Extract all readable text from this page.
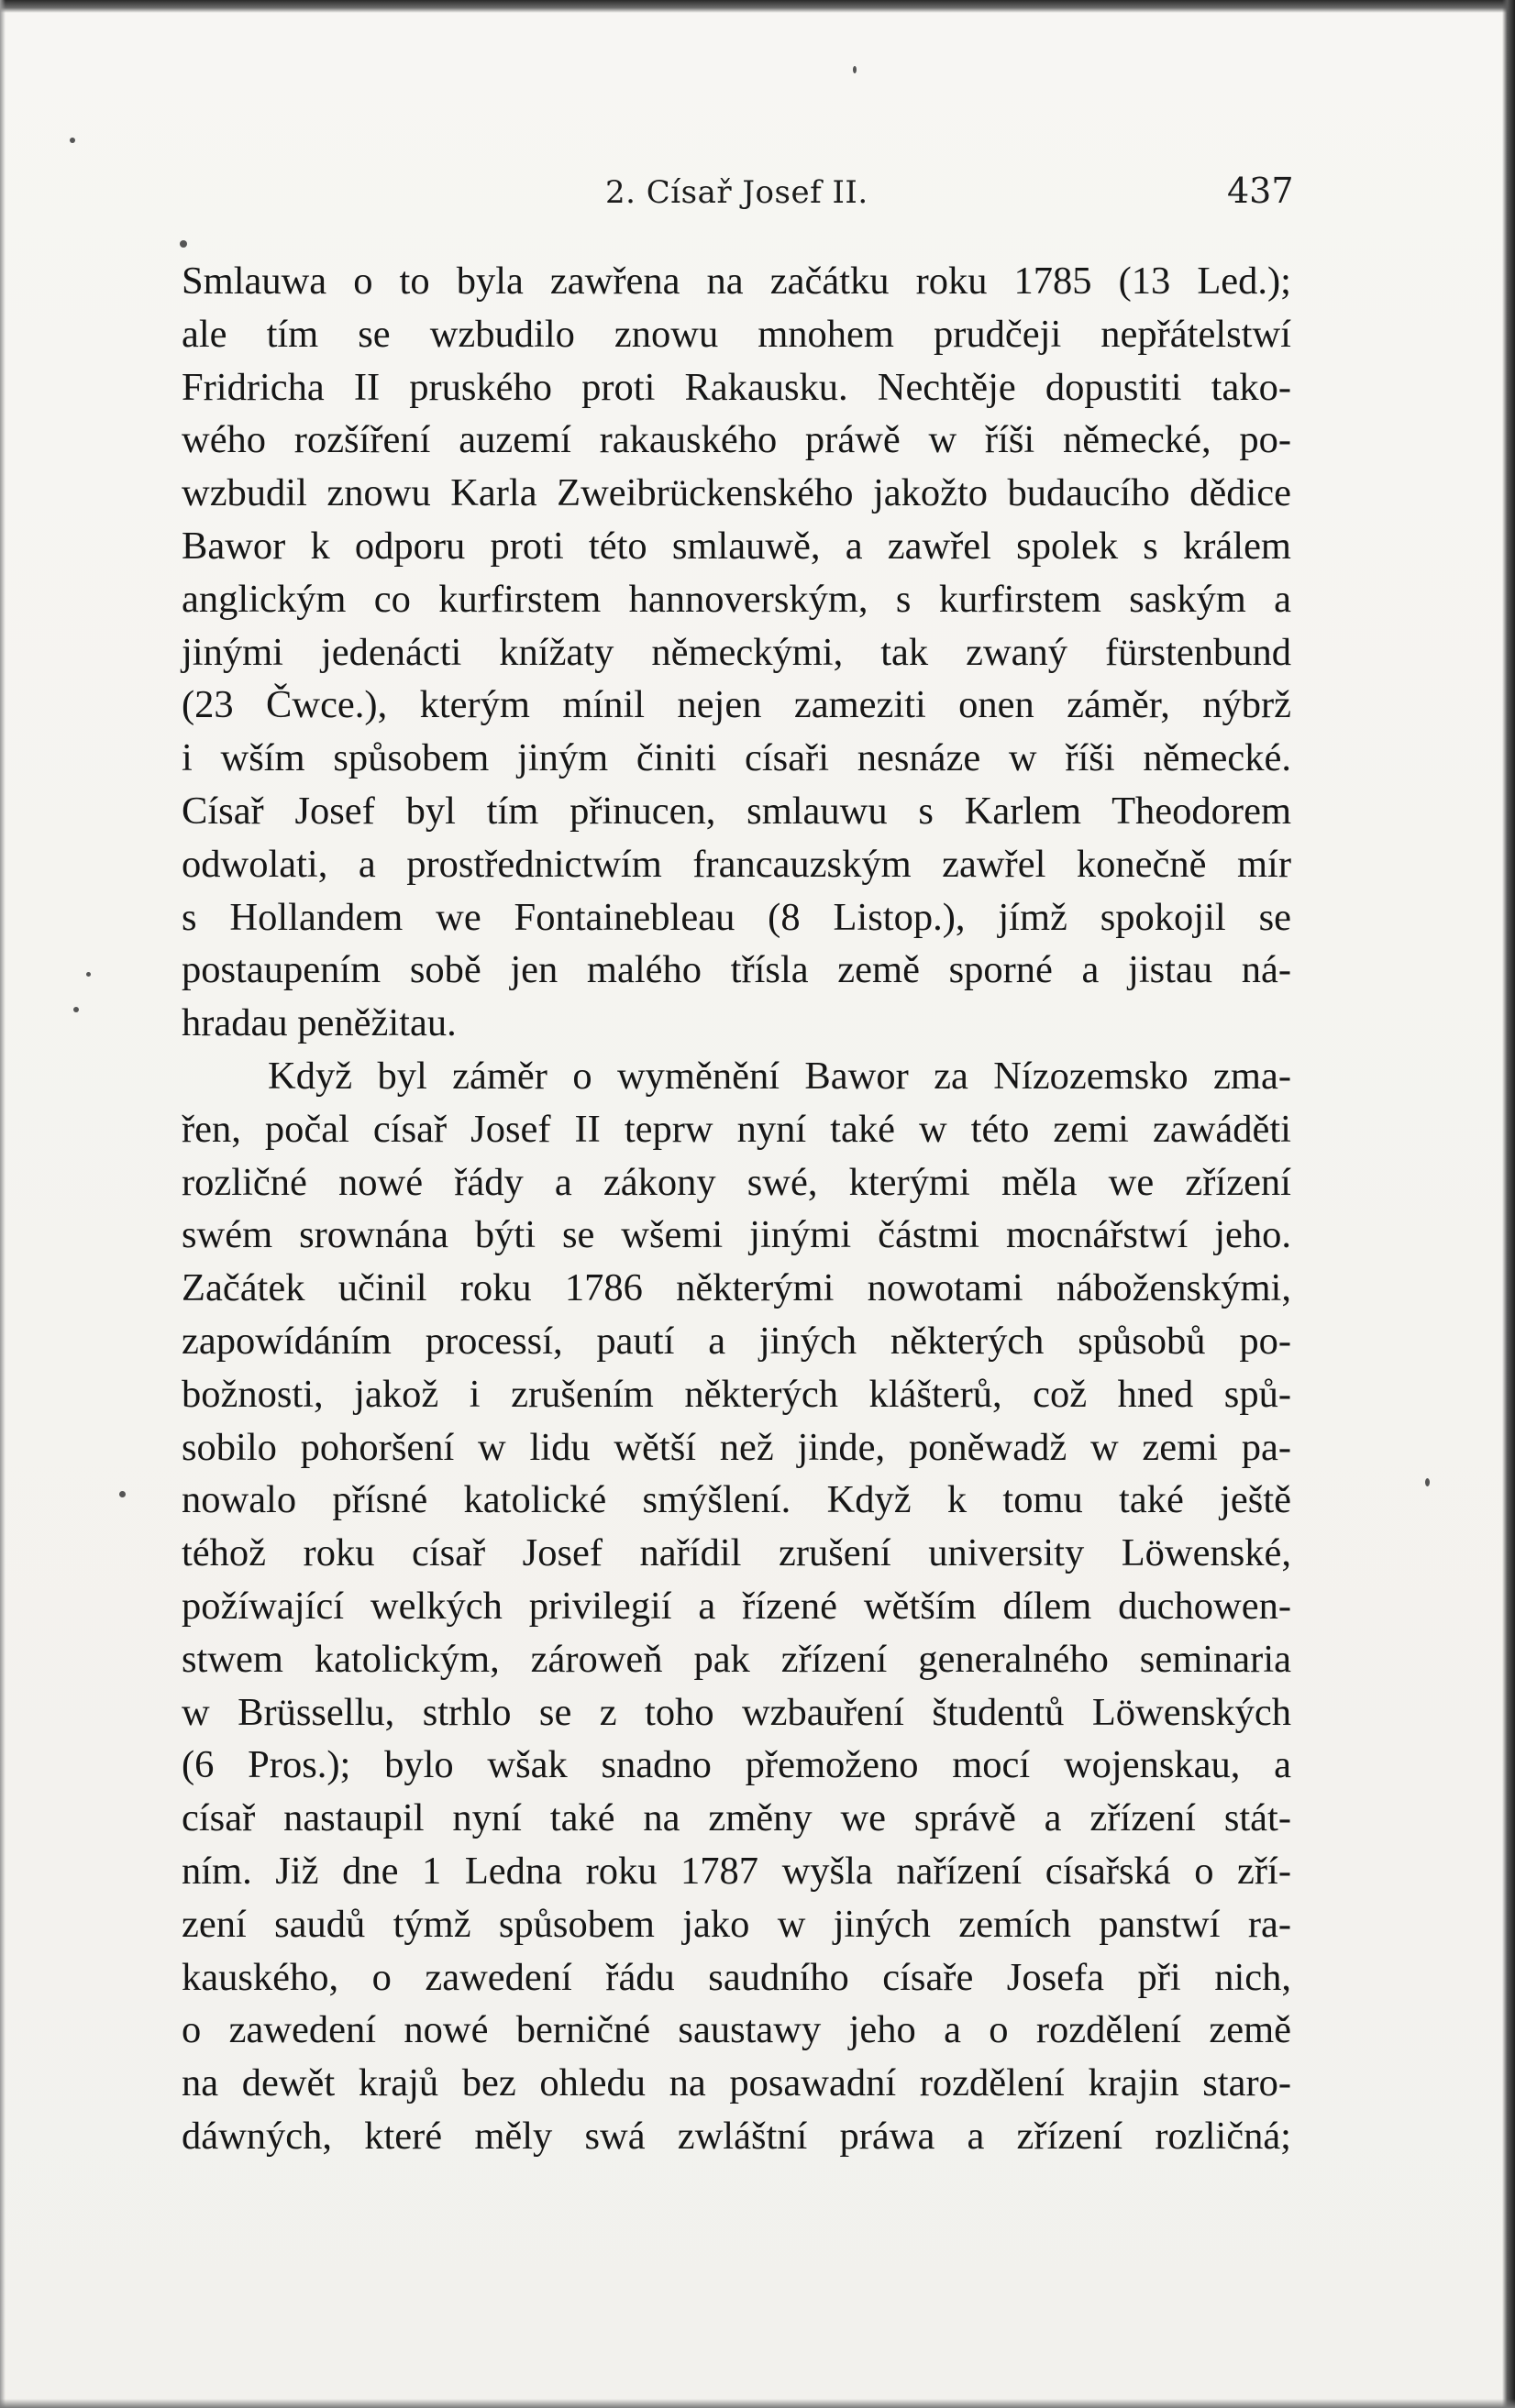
2. Císař Josef II.	437
Smlauwa o to byla zawřena na začátku roku 1785 (13 Led.);
ale tím se wzbudilo znowu mnohem prudčeji nepřátelstwí
Fridricha II pruského proti Rakausku. Nechtěje dopustiti tako-
wého rozšíření auzemí rakauského práwě w říši německé, po-
wzbudil znowu Karla Zweibrückenského jakožto budaucího dědice
Bawor k odporu proti této smlauwě, a zawřel spolek s králem
anglickým co kurfirstem hannoverským, s kurfirstem saským a
jinými jedenácti knížaty německými, tak zwaný fürstenbund
(23 Čwce.), kterým mínil nejen zameziti onen záměr, nýbrž
i wším spůsobem jiným činiti císaři nesnáze w říši německé.
Císař Josef byl tím přinucen, smlauwu s Karlem Theodorem
odwolati, a prostřednictwím francauzským zawřel konečně mír
s Hollandem we Fontainebleau (8 Listop.), jímž spokojil se
postaupením sobě jen malého třísla země sporné a jistau ná-
hradau peněžitau.
Když byl záměr o wyměnění Bawor za Nízozemsko zma-
řen, počal císař Josef II teprw nyní také w této zemi zawáděti
rozličné nowé řády a zákony swé, kterými měla we zřízení
swém srownána býti se wšemi jinými částmi mocnářstwí jeho.
Začátek učinil roku 1786 některými nowotami náboženskými,
zapowídáním processí, pautí a jiných některých spůsobů po-
božnosti, jakož i zrušením některých klášterů, což hned spů-
sobilo pohoršení w lidu wětší než jinde, poněwadž w zemi pa-
nowalo přísné katolické smýšlení. Když k tomu také ještě
téhož roku císař Josef nařídil zrušení university Löwenské,
požíwající welkých privilegií a řízené wětším dílem duchowen-
stwem katolickým, zároweň pak zřízení generalného seminaria
w Brüssellu, strhlo se z toho wzbauření študentů Löwenských
(6 Pros.); bylo wšak snadno přemoženo mocí wojenskau, a
císař nastaupil nyní také na změny we správě a zřízení stát-
ním. Již dne 1 Ledna roku 1787 wyšla nařízení císařská o zří-
zení saudů týmž spůsobem jako w jiných zemích panstwí ra-
kauského, o zawedení řádu saudního císaře Josefa při nich,
o zawedení nowé berničné saustawy jeho a o rozdělení země
na dewět krajů bez ohledu na posawadní rozdělení krajin staro-
dáwných, které měly swá zwláštní práwa a zřízení rozličná;
